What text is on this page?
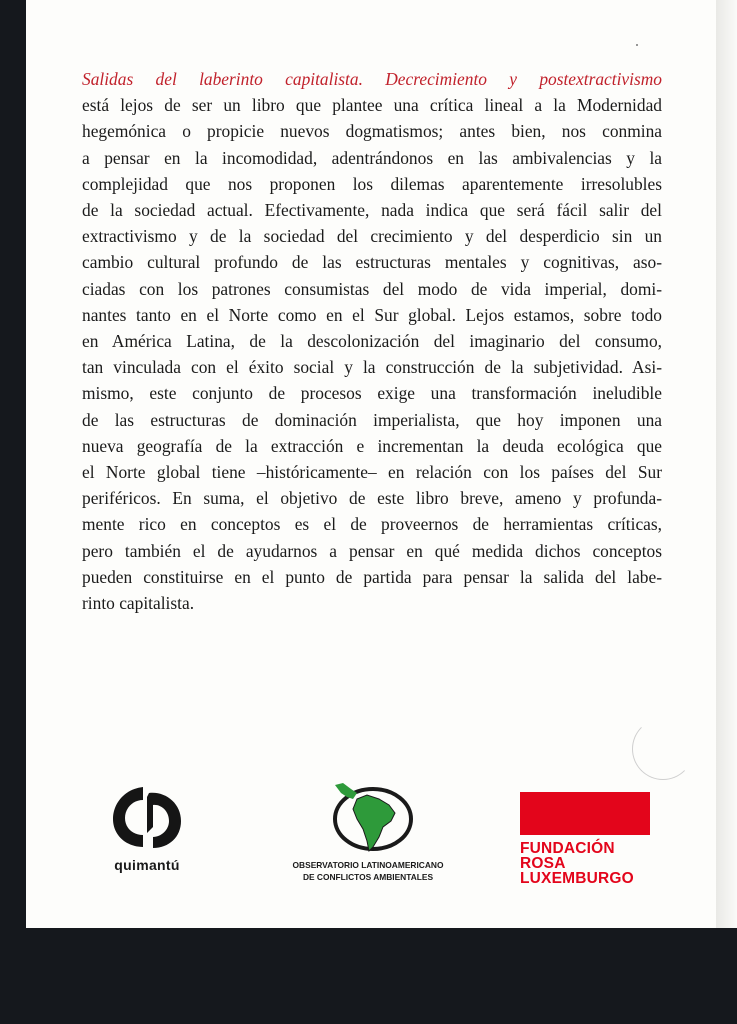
Salidas del laberinto capitalista. Decrecimiento y postextractivismo
está lejos de ser un libro que plantee una crítica lineal a la Modernidad
hegemónica o propicie nuevos dogmatismos; antes bien, nos conmina
a pensar en la incomodidad, adentrándonos en las ambivalencias y la
complejidad que nos proponen los dilemas aparentemente irresolubles
de la sociedad actual. Efectivamente, nada indica que será fácil salir del
extractivismo y de la sociedad del crecimiento y del desperdicio sin un
cambio cultural profundo de las estructuras mentales y cognitivas, aso-
ciadas con los patrones consumistas del modo de vida imperial, domi-
nantes tanto en el Norte como en el Sur global. Lejos estamos, sobre todo
en América Latina, de la descolonización del imaginario del consumo,
tan vinculada con el éxito social y la construcción de la subjetividad. Asi-
mismo, este conjunto de procesos exige una transformación ineludible
de las estructuras de dominación imperialista, que hoy imponen una
nueva geografía de la extracción e incrementan la deuda ecológica que
el Norte global tiene –históricamente– en relación con los países del Sur
periféricos. En suma, el objetivo de este libro breve, ameno y profunda-
mente rico en conceptos es el de proveernos de herramientas críticas,
pero también el de ayudarnos a pensar en qué medida dichos conceptos
pueden constituirse en el punto de partida para pensar la salida del labe-
rinto capitalista.
quimantú	OBSERVATORIO LATINOAMERICANO
DE CONFLICTOS AMBIENTALES
FUNDACIÓN
ROSA
LUXEMBURGO
